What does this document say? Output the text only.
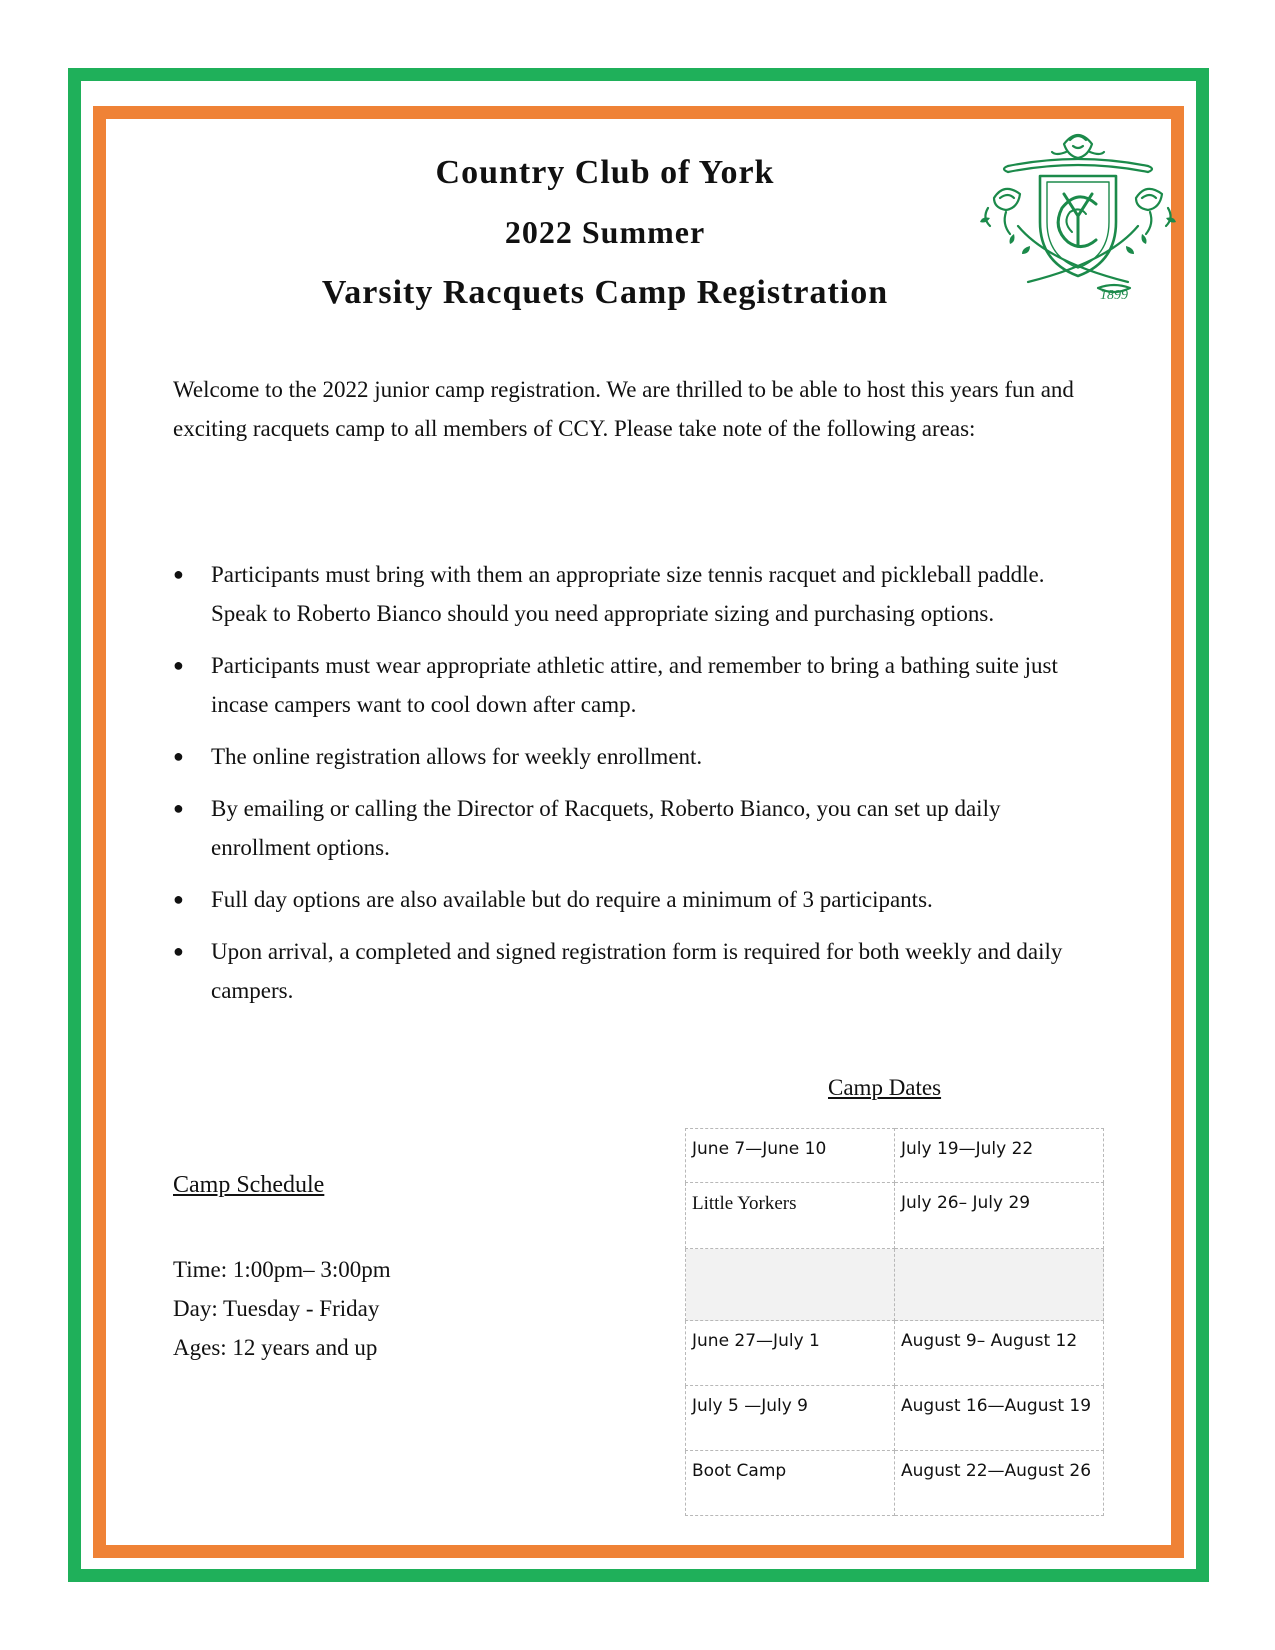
Country Club of York
2022 Summer
Varsity Racquets Camp Registration	1899

Welcome to the 2022 junior camp registration. We are thrilled to be able to host this years fun and exciting racquets camp to all members of CCY. Please take note of the following areas:

● Participants must bring with them an appropriate size tennis racquet and pickleball paddle. Speak to Roberto Bianco should you need appropriate sizing and purchasing options.
● Participants must wear appropriate athletic attire, and remember to bring a bathing suite just incase campers want to cool down after camp.
● The online registration allows for weekly enrollment.
● By emailing or calling the Director of Racquets, Roberto Bianco, you can set up daily enrollment options.
● Full day options are also available but do require a minimum of 3 participants.
● Upon arrival, a completed and signed registration form is required for both weekly and daily campers.

Camp Schedule

Time: 1:00pm– 3:00pm
Day: Tuesday - Friday
Ages: 12 years and up

Camp Dates

June 7—June 10	July 19—July 22
Little Yorkers	July 26– July 29

June 27—July 1	August 9– August 12
July 5 —July 9	August 16—August 19
Boot Camp	August 22—August 26
